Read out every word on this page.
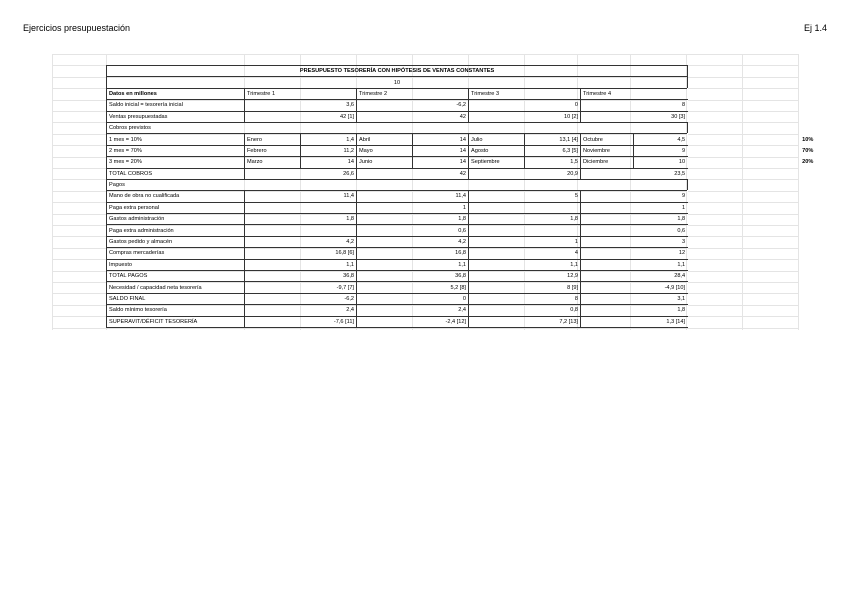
Ejercicios presupuestación	Ej 1.4
PRESUPUESTO TESORERÍA CON HIPÓTESIS DE VENTAS CONSTANTES
10
Datos en millones	Trimestre 1	Trimestre 2	Trimestre 3	Trimestre 4	
Saldo inicial = tesorería inicial	3,6	-6,2	0	8	
Ventas presupuestadas	42 [1]	42	10 [2]	30 [3]	
Cobros previstos
1 mes = 10%	Enero	1,4	Abril	14	Julio	13,1 [4]	Octubre	4,5	10%
2 mes = 70%	Febrero	11,2	Mayo	14	Agosto	6,3 [5]	Noviembre	9	70%
3 mes = 20%	Marzo	14	Junio	14	Septiembre	1,5	Diciembre	10	20%
TOTAL COBROS	26,6	42	20,9	23,5	
Pagos
Mano de obra no cualificada	11,4	11,4	5	9	
Paga extra personal		1		1	
Gastos administración	1,8	1,8	1,8	1,8	
Paga extra administración		0,6		0,6	
Gastos pedido y almacén	4,2	4,2	1	3	
Compras mercaderías	16,8 [6]	16,8	4	12	
Impuesto	1,1	1,1	1,1	1,1	
TOTAL PAGOS	36,8	36,8	12,9	28,4	
Necesidad / capacidad neta tesorería	-9,7 [7]	5,2 [8]	8 [9]	-4,9 [10]	
SALDO FINAL	-6,2	0	8	3,1	
Saldo mínimo tesorería	2,4	2,4	0,8	1,8	
SUPERAVIT/DÉFICIT TESORERÍA	-7,6 [11]	-2,4 [12]	7,2 [13]	1,3 [14]	
